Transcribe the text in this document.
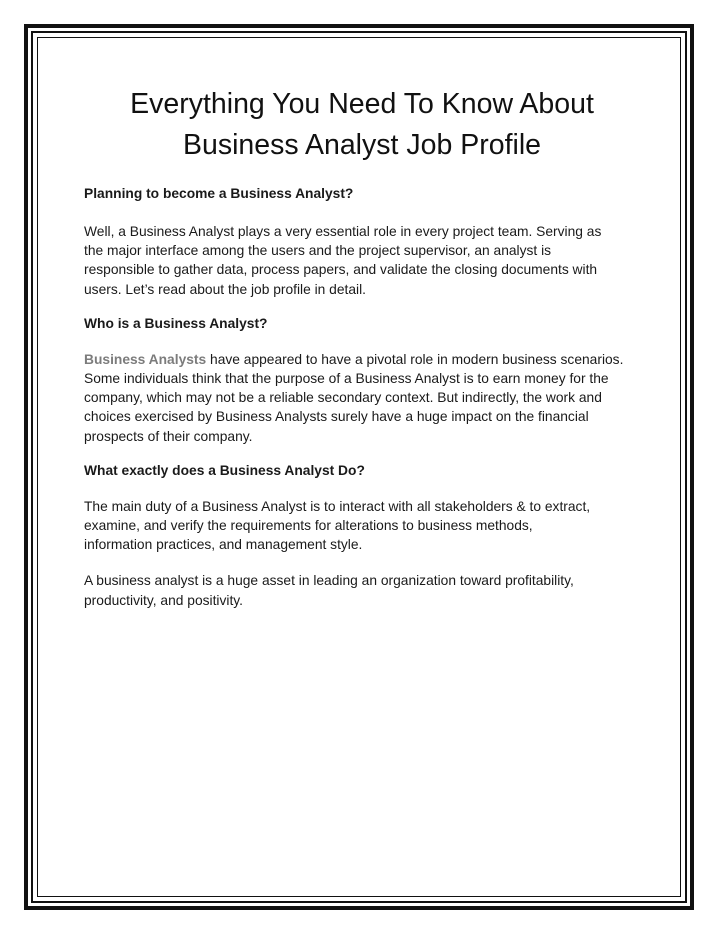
Everything You Need To Know About
Business Analyst Job Profile

Planning to become a Business Analyst?

Well, a Business Analyst plays a very essential role in every project team. Serving as the major interface among the users and the project supervisor, an analyst is responsible to gather data, process papers, and validate the closing documents with users. Let’s read about the job profile in detail.

Who is a Business Analyst?

Business Analysts have appeared to have a pivotal role in modern business scenarios. Some individuals think that the purpose of a Business Analyst is to earn money for the company, which may not be a reliable secondary context. But indirectly, the work and choices exercised by Business Analysts surely have a huge impact on the financial prospects of their company.

What exactly does a Business Analyst Do?

The main duty of a Business Analyst is to interact with all stakeholders & to extract, examine, and verify the requirements for alterations to business methods, information practices, and management style.

A business analyst is a huge asset in leading an organization toward profitability, productivity, and positivity.
